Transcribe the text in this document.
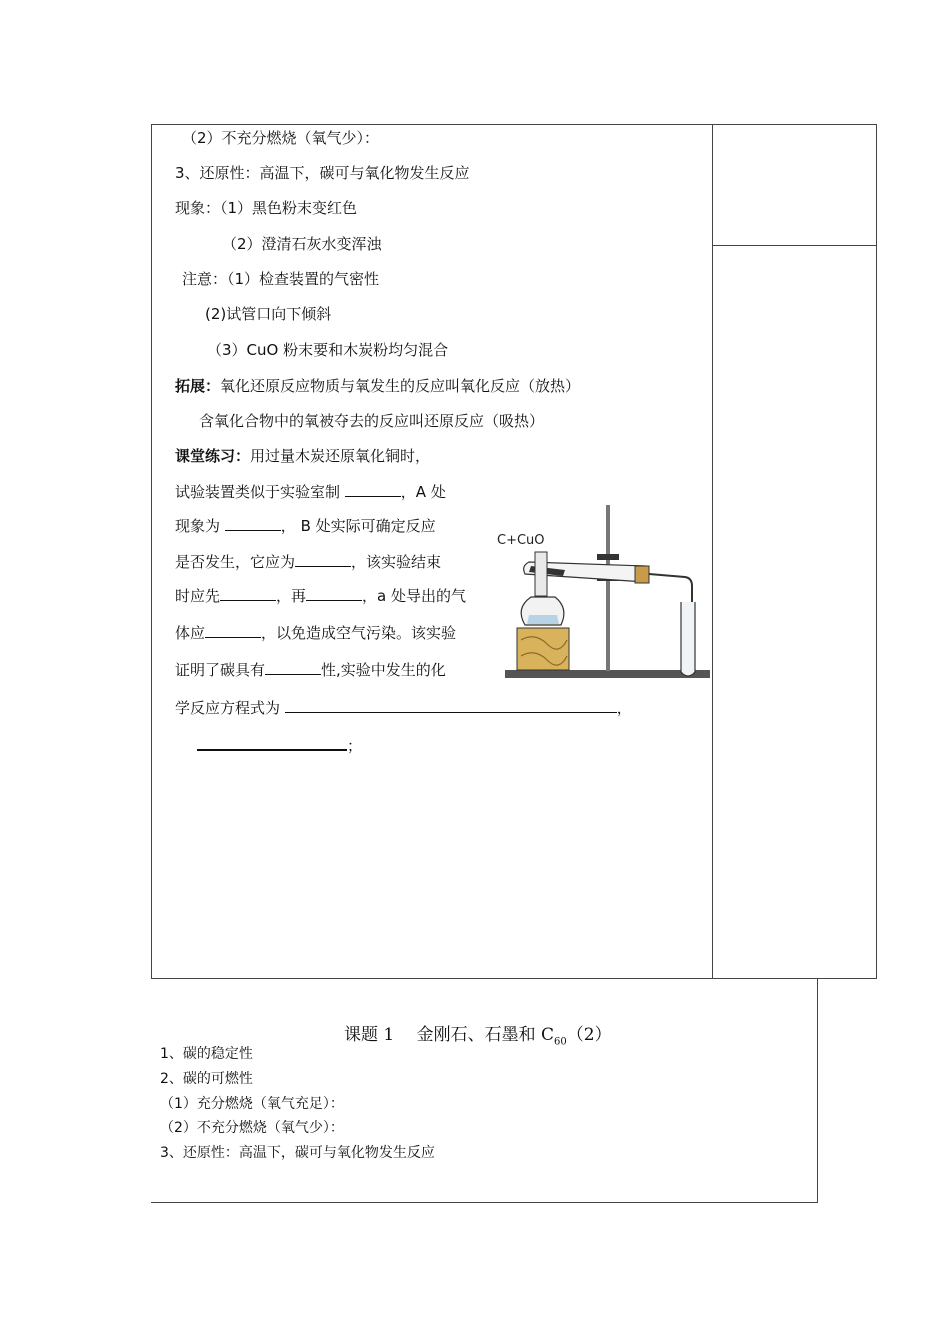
（2）不充分燃烧（氧气少）：
3、还原性：高温下，碳可与氧化物发生反应
现象：（1）黑色粉末变红色
（2）澄清石灰水变浑浊
注意：（1）检查装置的气密性
(2)试管口向下倾斜
（3）CuO 粉末要和木炭粉均匀混合
拓展：氧化还原反应物质与氧发生的反应叫氧化反应（放热）
含氧化合物中的氧被夺去的反应叫还原反应（吸热）
课堂练习：用过量木炭还原氧化铜时，
试验装置类似于实验室制	，A 处
现象为	， B 处实际可确定反应
是否发生，它应为	，该实验结束
时应先	，再	，a 处导出的气
体应	，以免造成空气污染。该实验
证明了碳具有	性,实验中发生的化
学反应方程式为	，
；
C+CuO
课题 1　 金刚石、石墨和 $C_{60}(2)$
1、碳的稳定性
2、碳的可燃性
（1）充分燃烧（氧气充足）：
（2）不充分燃烧（氧气少）：
3、还原性：高温下，碳可与氧化物发生反应
